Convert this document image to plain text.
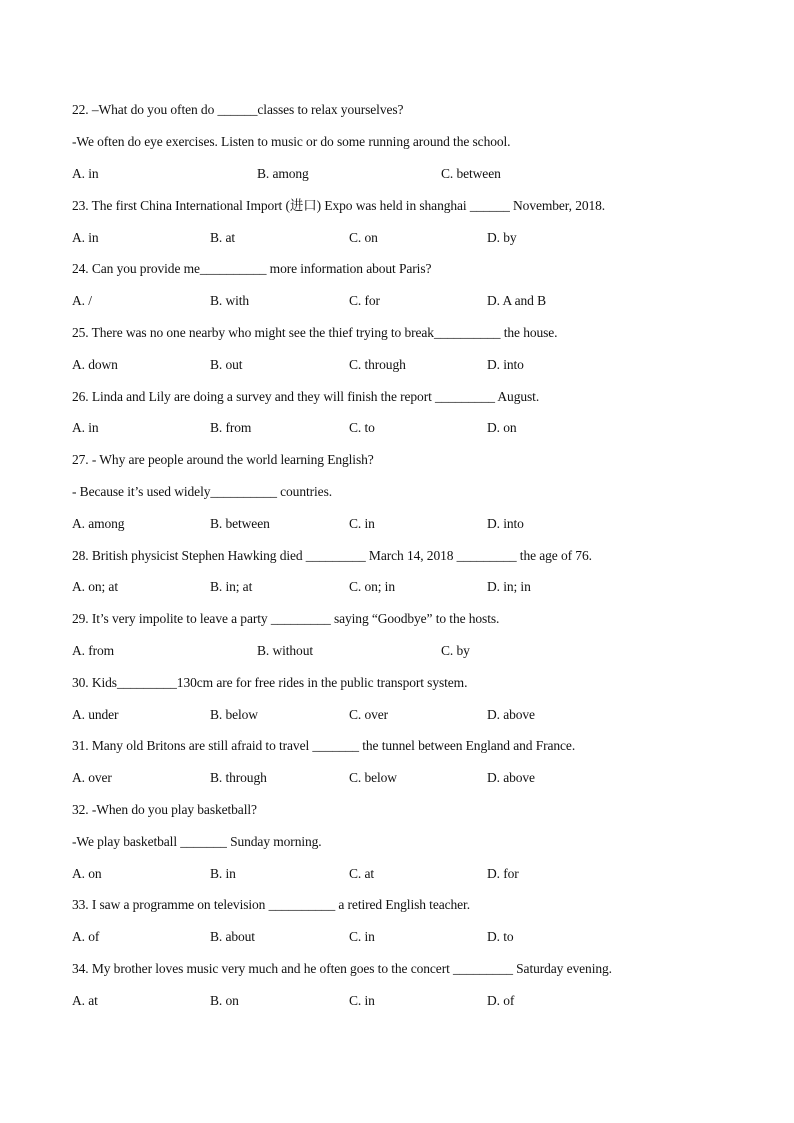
22. –What do you often do ______classes to relax yourselves?
-We often do eye exercises. Listen to music or do some running around the school.
A. in	B. among	C. between
23. The first China International Import (进口) Expo was held in shanghai ______ November, 2018.
A. in	B. at	C. on	D. by
24. Can you provide me__________ more information about Paris?
A. /	B. with	C. for	D. A and B
25. There was no one nearby who might see the thief trying to break__________ the house.
A. down	B. out	C. through	D. into
26. Linda and Lily are doing a survey and they will finish the report _________ August.
A. in	B. from	C. to	D. on
27. - Why are people around the world learning English?
- Because it’s used widely__________ countries.
A. among	B. between	C. in	D. into
28. British physicist Stephen Hawking died _________ March 14, 2018 _________ the age of 76.
A. on; at	B. in; at	C. on; in	D. in; in
29. It’s very impolite to leave a party _________ saying “Goodbye” to the hosts.
A. from	B. without	C. by
30. Kids_________130cm are for free rides in the public transport system.
A. under	B. below	C. over	D. above
31. Many old Britons are still afraid to travel _______ the tunnel between England and France.
A. over	B. through	C. below	D. above
32. -When do you play basketball?
-We play basketball _______ Sunday morning.
A. on	B. in	C. at	D. for
33. I saw a programme on television __________ a retired English teacher.
A. of	B. about	C. in	D. to
34. My brother loves music very much and he often goes to the concert _________ Saturday evening.
A. at	B. on	C. in	D. of
